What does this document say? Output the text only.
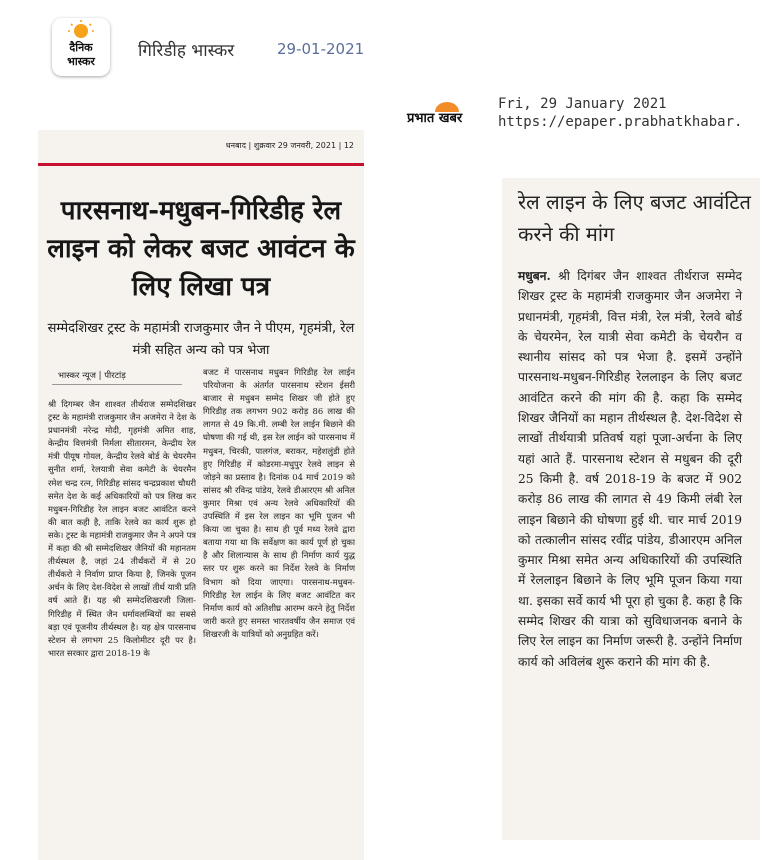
दैनिक
भास्कर
गिरिडीह भास्कर	29-01-2021
प्रभात खबर
Fri, 29 January 2021
https://epaper.prabhatkhabar.
धनबाद | शुक्रवार 29 जनवरी, 2021 | 12
पारसनाथ-मधुबन-गिरिडीह रेल लाइन को लेकर बजट आवंटन के लिए लिखा पत्र
सम्मेदशिखर ट्रस्ट के महामंत्री राजकुमार जैन ने पीएम, गृहमंत्री, रेल मंत्री सहित अन्य को पत्र भेजा
भास्कर न्यूज | पीरटांड़
श्री दिगम्बर जैन शाश्वत तीर्थराज सम्मेदशिखर ट्रस्ट के महामंत्री राजकुमार जैन अजमेरा ने देश के प्रधानमंत्री नरेन्द्र मोदी, गृहमंत्री अमित शाह, केन्द्रीय वित्तमंत्री निर्मला सीतारमन, केन्द्रीय रेल मंत्री पीयूष गोयल, केन्द्रीय रेलवे बोर्ड के चेयरमैन सुनीत शर्मा, रेलयात्री सेवा कमेटी के चेयरमैन रमेश चन्द्र रत्न, गिरिडीह सांसद चन्द्रप्रकाश चौधरी समेत देश के कई अधिकारियों को पत्र लिख कर मधुबन-गिरिडीह रेल लाइन बजट आवंटित करने की बात कही है, ताकि रेलवे का कार्य शुरू हो सके। ट्रस्ट के महामंत्री राजकुमार जैन ने अपने पत्र में कहा की श्री सम्मेदशिखर जैनियों की महानतम तीर्थस्थल है, जहां 24 तीर्थंकरों में से 20 तीर्थंकरो ने निर्वाण प्राप्त किया है, जिनके पूजन अर्चन के लिए देश-विदेश से लाखों तीर्थ यात्री प्रति वर्ष आते हैं। यह श्री सम्मेदशिखरजी जिला-गिरिडीह में स्थित जैन धर्मावलम्बियों का सबसे बड़ा एवं पूजनीय तीर्थस्थल है। यह क्षेत्र पारसनाथ स्टेशन से लगभग 25 किलोमीटर दूरी पर है। भारत सरकार द्वारा 2018-19 के
बजट में पारसनाथ मधुबन गिरिडीह रेल लाईन परियोजना के अंतर्गत पारसनाथ स्टेशन ईसरी बाजार से मधुबन सम्मेद शिखर जी होते हुए गिरिडीह तक लगभग 902 करोड़ 86 लाख की लागत से 49 कि.मी. लम्बी रेल लाईन बिछाने की घोषणा की गई थी, इस रेल लाईन को पारसनाथ में मधुबन, चिरकी, पालगंज, बराकर, महेशलुंडी होते हुए गिरिडीह में कोडरमा-मधुपुर रेलवे लाइन से जोड़ने का प्रस्ताव है। दिनांक 04 मार्च 2019 को सांसद श्री रविन्द्र पांडेय, रेलवे डीआरएम श्री अनिल कुमार मिश्रा एवं अन्य रेलवे अधिकारियों की उपस्थिति में इस रेल लाइन का भूमि पूजन भी किया जा चुका है। साथ ही पूर्व मध्य रेलवे द्वारा बताया गया था कि सर्वेक्षण का कार्य पूर्ण हो चुका है और शिलान्यास के साथ ही निर्माण कार्य युद्ध स्तर पर शुरू करने का निर्देश रेलवे के निर्माण विभाग को दिया जाएगा। पारसनाथ-मधुबन-गिरिडीह रेल लाईन के लिए बजट आवंटित कर निर्माण कार्य को अतिशीघ्र आरम्भ करने हेतु निर्देश जारी करते हुए समस्त भारतवर्षीय जैन समाज एवं शिखरजी के यात्रियों को अनुग्रहित करें।
रेल लाइन के लिए बजट आवंटित करने की मांग
मधुबन. श्री दिगंबर जैन शाश्वत तीर्थराज सम्मेद शिखर ट्रस्ट के महामंत्री राजकुमार जैन अजमेरा ने प्रधानमंत्री, गृहमंत्री, वित्त मंत्री, रेल मंत्री, रेलवे बोर्ड के चेयरमेन, रेल यात्री सेवा कमेटी के चेयरौन व स्थानीय सांसद को पत्र भेजा है. इसमें उन्होंने पारसनाथ-मधुबन-गिरिडीह रेललाइन के लिए बजट आवंटित करने की मांग की है. कहा कि सम्मेद शिखर जैनियों का महान तीर्थस्थल है. देश-विदेश से लाखों तीर्थयात्री प्रतिवर्ष यहां पूजा-अर्चना के लिए यहां आते हैं. पारसनाथ स्टेशन से मधुबन की दूरी 25 किमी है. वर्ष 2018-19 के बजट में 902 करोड़ 86 लाख की लागत से 49 किमी लंबी रेल लाइन बिछाने की घोषणा हुई थी. चार मार्च 2019 को तत्कालीन सांसद रवींद्र पांडेय, डीआरएम अनिल कुमार मिश्रा समेत अन्य अधिकारियों की उपस्थिति में रेललाइन बिछाने के लिए भूमि पूजन किया गया था. इसका सर्वे कार्य भी पूरा हो चुका है. कहा है कि सम्मेद शिखर की यात्रा को सुविधाजनक बनाने के लिए रेल लाइन का निर्माण जरूरी है. उन्होंने निर्माण कार्य को अविलंब शुरू कराने की मांग की है.
